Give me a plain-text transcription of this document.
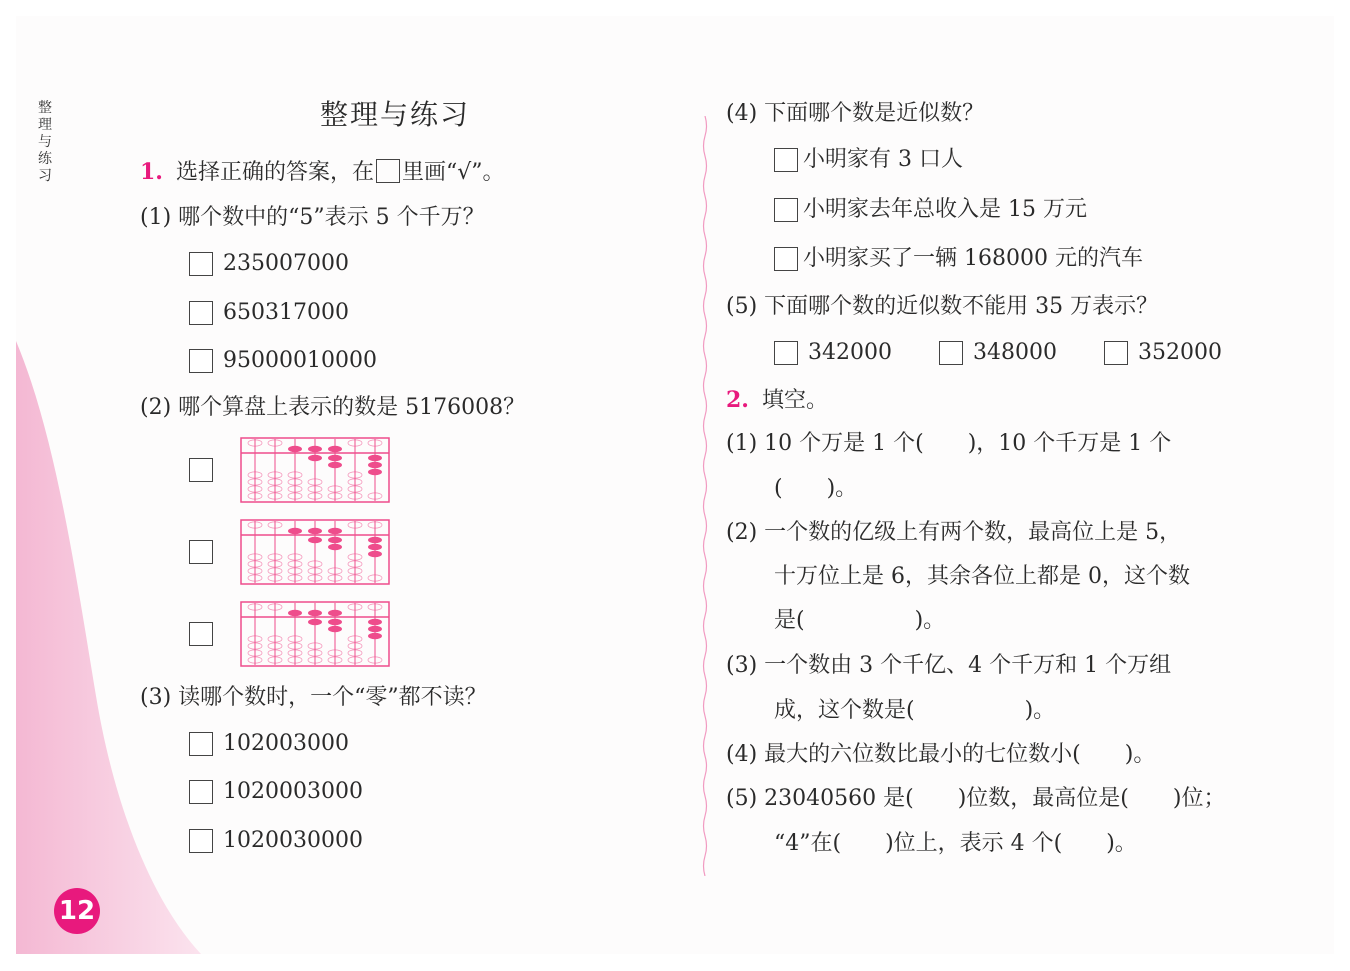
整
理
与
练
习
12
整理与练习
1. 选择正确的答案，在 里画“√”。
(1) 哪个数中的“5”表示 5 个千万？
235007000
650317000
95000010000
(2) 哪个算盘上表示的数是 5176008？
(3) 读哪个数时，一个“零”都不读？
102003000
1020003000
1020030000
(4) 下面哪个数是近似数？
小明家有 3 口人
小明家去年总收入是 15 万元
小明家买了一辆 168000 元的汽车
(5) 下面哪个数的近似数不能用 35 万表示？
342000	348000	352000
2. 填空。
(1) 10 个万是 1 个(　　)，10 个千万是 1 个
(　　)。
(2) 一个数的亿级上有两个数，最高位上是 5，
十万位上是 6，其余各位上都是 0，这个数
是(　　　　　)。
(3) 一个数由 3 个千亿、4 个千万和 1 个万组
成，这个数是(　　　　　)。
(4) 最大的六位数比最小的七位数小(　　)。
(5) 23040560 是(　　)位数，最高位是(　　)位；
“4”在(　　)位上，表示 4 个(　　)。
